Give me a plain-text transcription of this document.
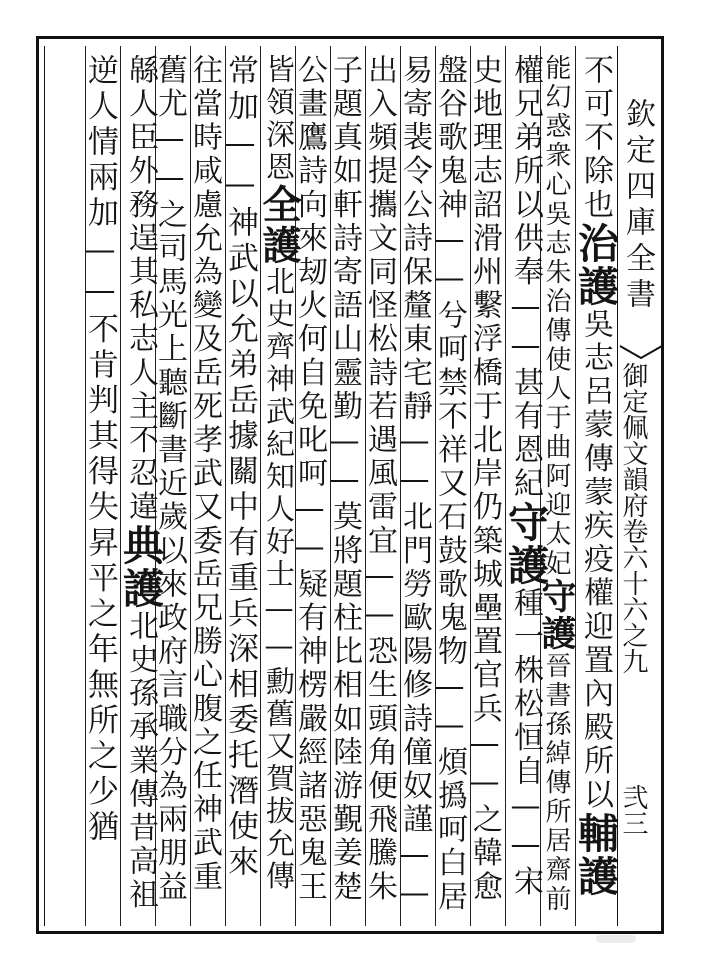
欽定四庫全書
御定佩文韻府卷六十六之九
弐三
不可不除也治護吳志呂蒙傳蒙疾疫權迎置內殿所以輔護
能幻惑衆心吳志朱治傳使人于曲阿迎太妃守護晉書孫綽傳所居齋前
權兄弟所以供奉——甚有恩紀守護種一株松恒自——宋
史地理志詔滑州繫浮橋于北岸仍築城壘置官兵——之韓愈
盤谷歌鬼神——兮呵禁不祥又石鼓歌鬼物——煩撝呵白居
易寄裴令公詩保釐東宅靜——北門勞歐陽修詩僮奴謹——
出入頻提攜文同怪松詩若遇風雷宜——恐生頭角便飛騰朱
子題真如軒詩寄語山靈勤——莫將題柱比相如陸游覲姜楚
公畫鷹詩向來刼火何自免叱呵——疑有神楞嚴經諸惡鬼王
皆領深恩全護北史齊神武紀知人好士——勳舊又賀拔允傳
常加——神武以允弟岳據關中有重兵深相委托潛使來
往當時咸慮允為變及岳死孝武又委岳兄勝心腹之任神武重
舊尤——之司馬光上聽斷書近歲以來政府言職分為兩朋益
緜人臣外務逞其私志人主不忍違典護北史孫承業傳昔高祖
逆人情兩加——不肯判其得失昇平之年無所之少猶
